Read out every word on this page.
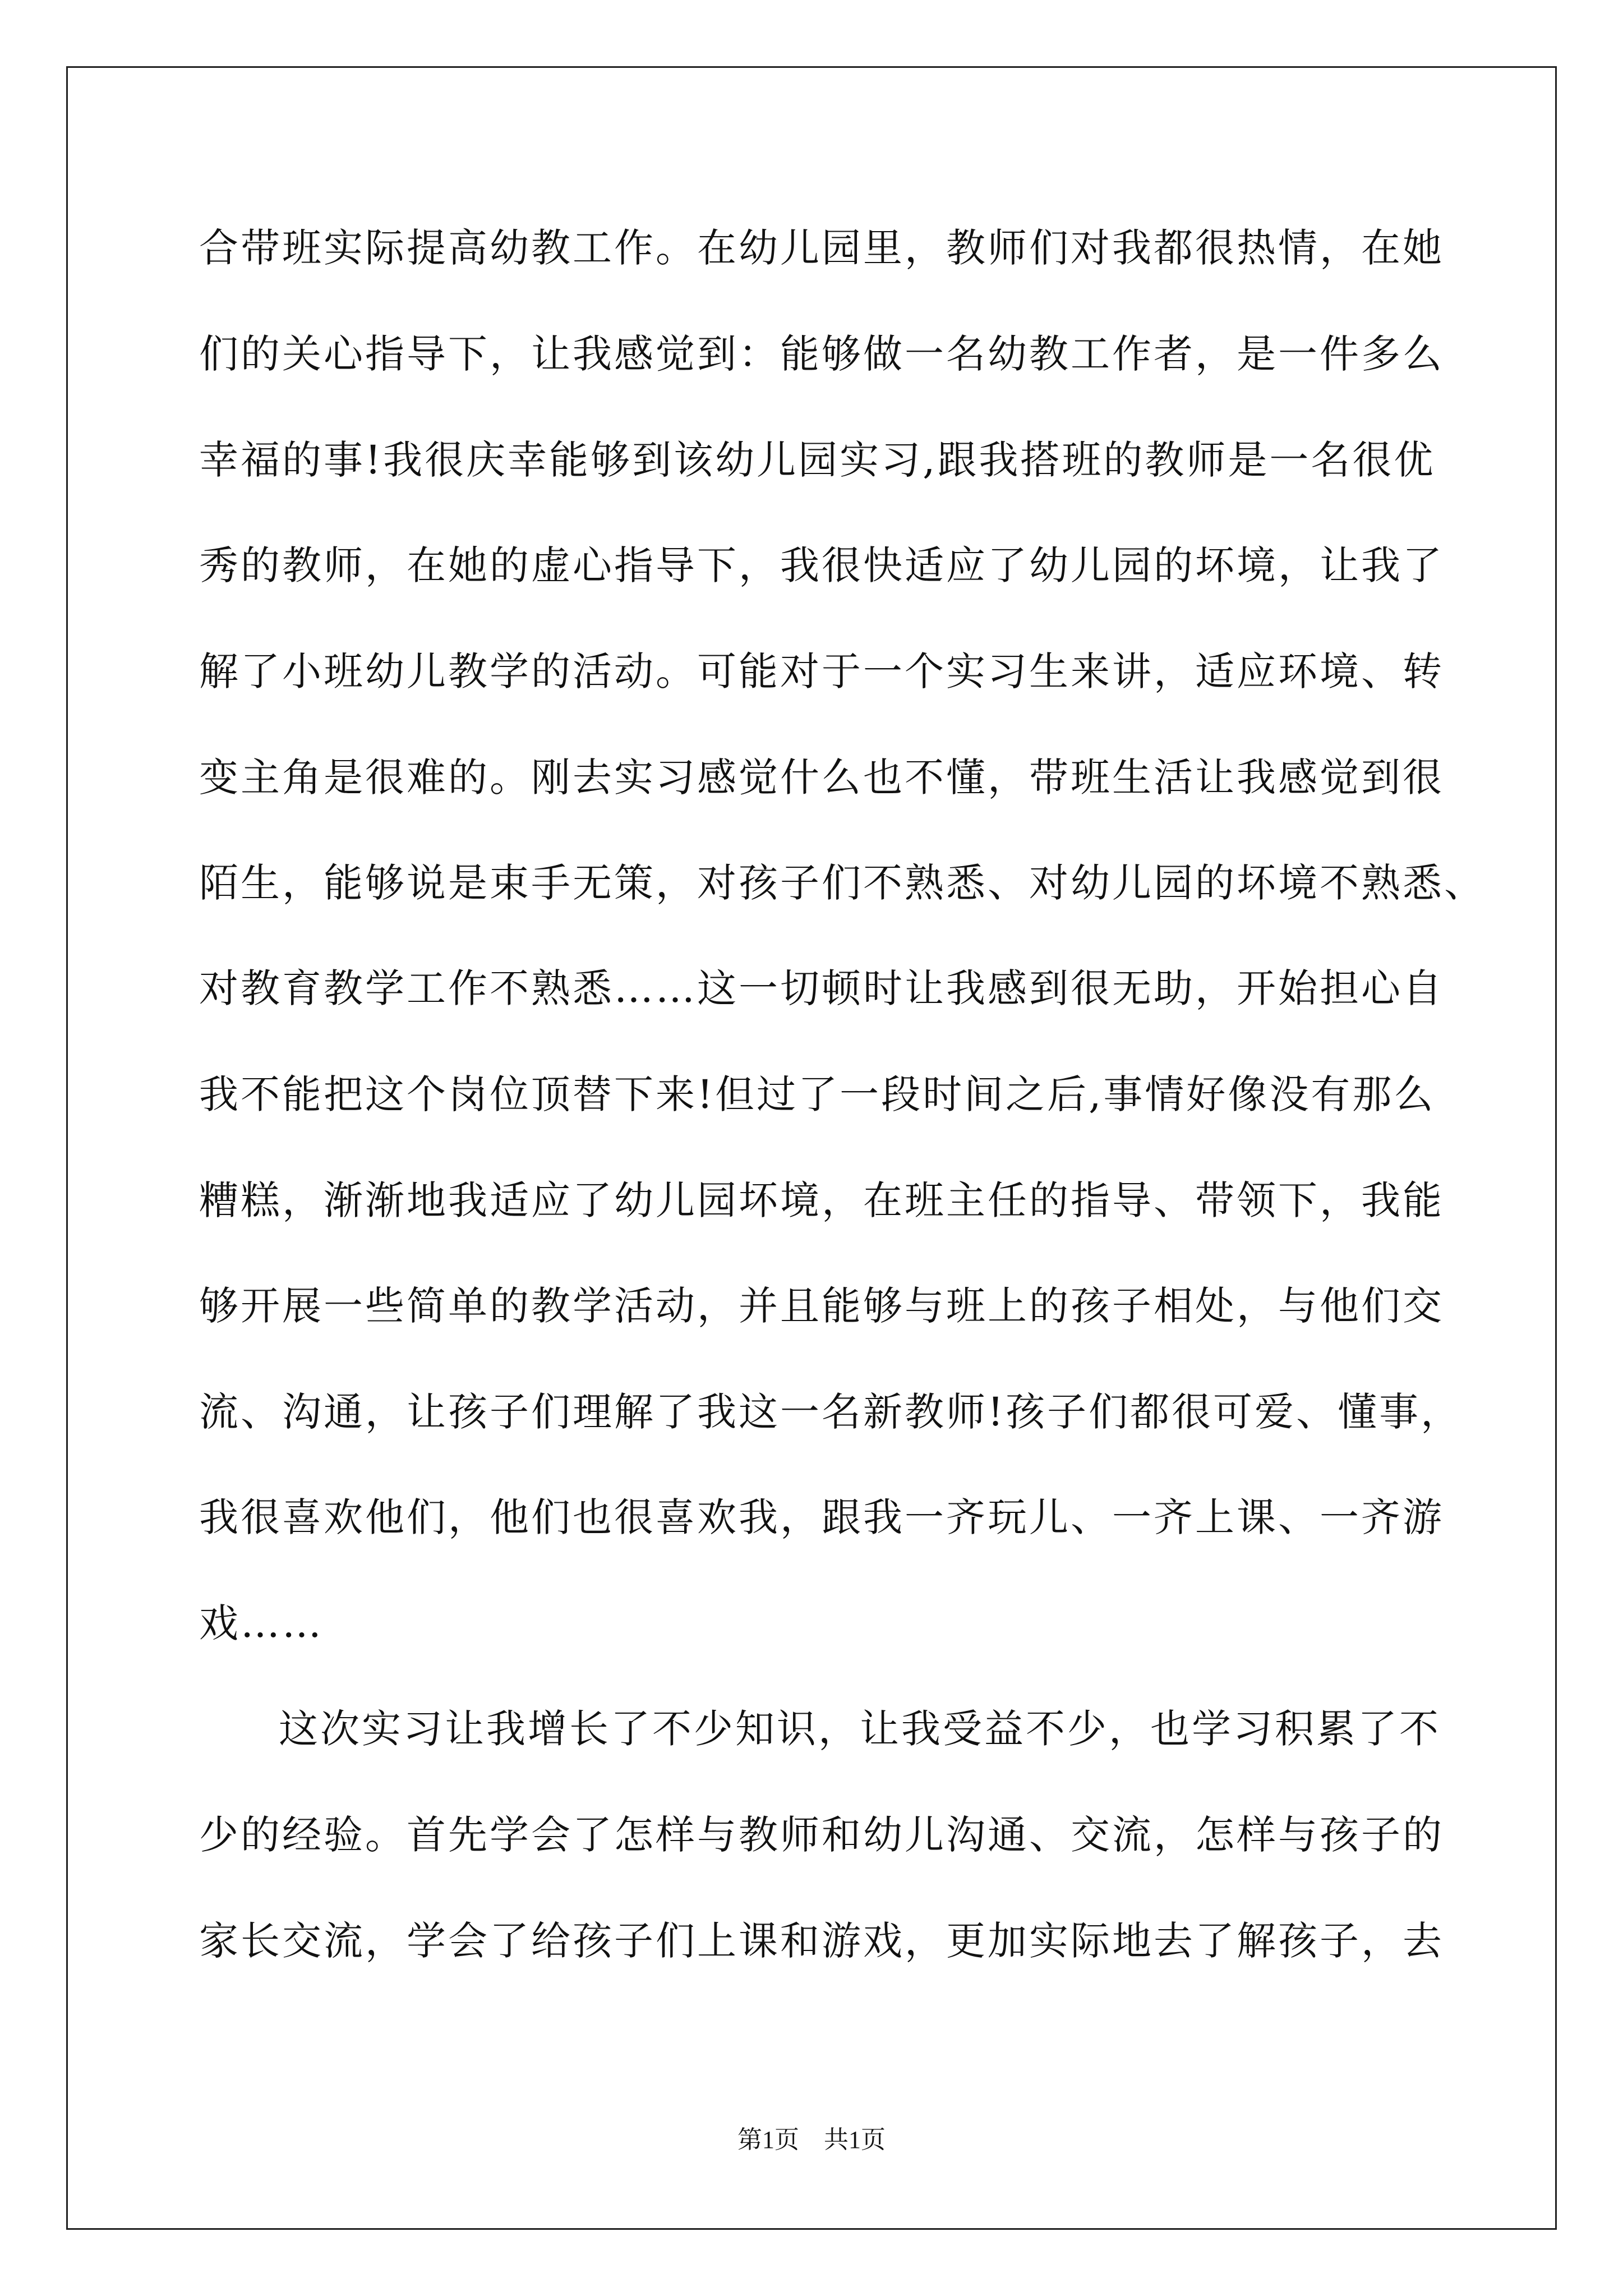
合带班实际提高幼教工作。在幼儿园里，教师们对我都很热情，在她
们的关心指导下，让我感觉到：能够做一名幼教工作者，是一件多么
幸福的事!我很庆幸能够到该幼儿园实习,跟我搭班的教师是一名很优
秀的教师，在她的虚心指导下，我很快适应了幼儿园的坏境，让我了
解了小班幼儿教学的活动。可能对于一个实习生来讲，适应环境、转
变主角是很难的。刚去实习感觉什么也不懂，带班生活让我感觉到很
陌生，能够说是束手无策，对孩子们不熟悉、对幼儿园的坏境不熟悉、
对教育教学工作不熟悉……这一切顿时让我感到很无助，开始担心自
我不能把这个岗位顶替下来!但过了一段时间之后,事情好像没有那么
糟糕，渐渐地我适应了幼儿园坏境，在班主任的指导、带领下，我能
够开展一些简单的教学活动，并且能够与班上的孩子相处，与他们交
流、沟通，让孩子们理解了我这一名新教师!孩子们都很可爱、懂事，
我很喜欢他们，他们也很喜欢我，跟我一齐玩儿、一齐上课、一齐游
戏……
这次实习让我增长了不少知识，让我受益不少，也学习积累了不
少的经验。首先学会了怎样与教师和幼儿沟通、交流，怎样与孩子的
家长交流，学会了给孩子们上课和游戏，更加实际地去了解孩子，去
第1页 共1页
